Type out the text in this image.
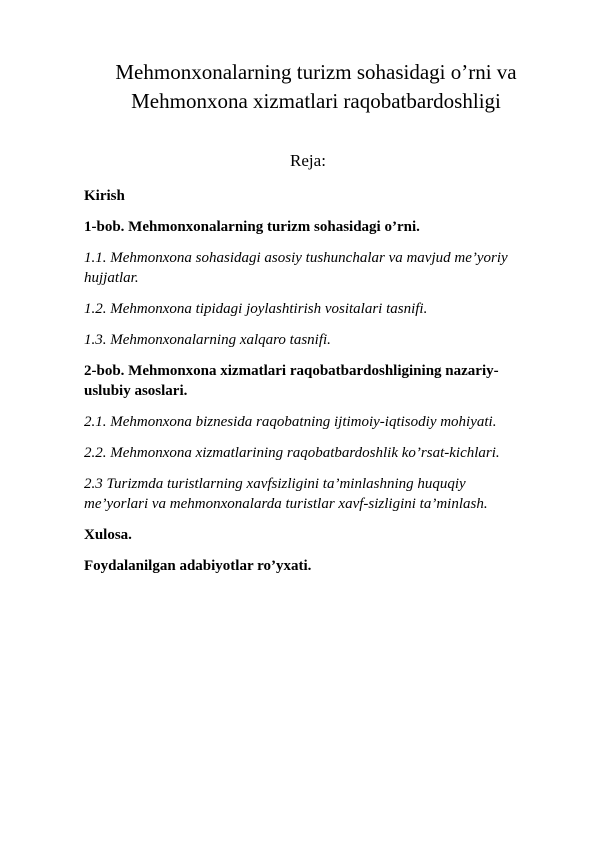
Mehmonxonalarning turizm sohasidagi o’rni va
Mehmonxona xizmatlari raqobatbardoshligi
Reja:

Kirish

1-bob. Mehmonxonalarning turizm sohasidagi o’rni.

1.1. Mehmonxona sohasidagi asosiy tushunchalar va mavjud me’yoriy hujjatlar.

1.2. Mehmonxona tipidagi joylashtirish vositalari tasnifi.

1.3. Mehmonxonalarning xalqaro tasnifi.

2-bob. Mehmonxona xizmatlari raqobatbardoshligining nazariy-uslubiy asoslari.

2.1. Mehmonxona biznesida raqobatning ijtimoiy-iqtisodiy mohiyati.

2.2. Mehmonxona xizmatlarining raqobatbardoshlik ko’rsat-kichlari.

2.3 Turizmda turistlarning xavfsizligini ta’minlashning huquqiy me’yorlari va mehmonxonalarda turistlar xavf-sizligini ta’minlash.

Xulosa.

Foydalanilgan adabiyotlar ro’yxati.
